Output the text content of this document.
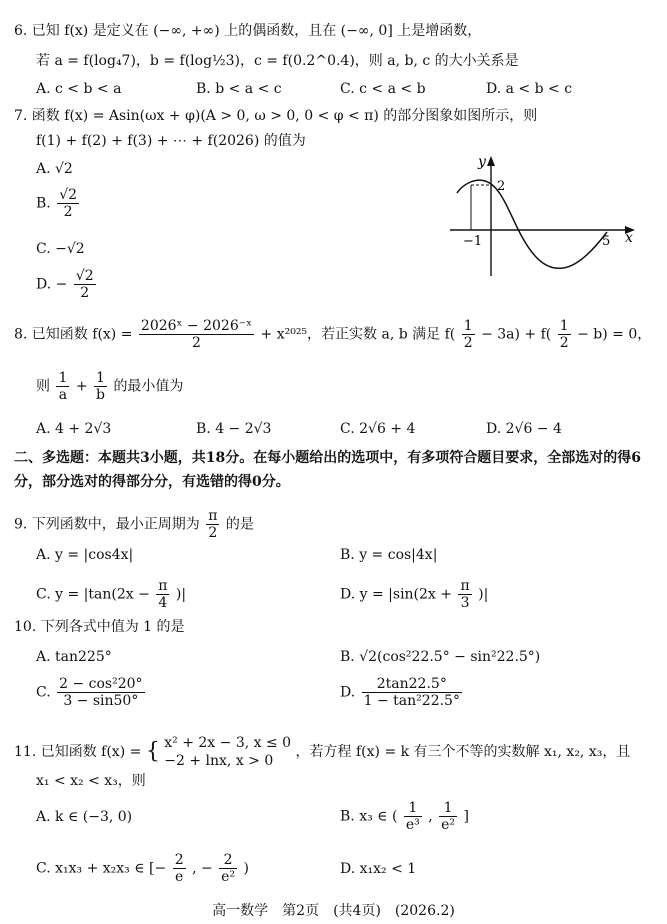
6. 已知 f(x) 是定义在 (−∞, +∞) 上的偶函数，且在 (−∞, 0] 上是增函数，
若 a = f(log₄7)，b = f(log½3)，c = f(0.2^0.4)，则 a, b, c 的大小关系是
A. c < b < a	B. b < a < c	C. c < a < b	D. a < b < c
7. 函数 f(x) = Asin(ωx + φ)(A > 0, ω > 0, 0 < φ < π) 的部分图象如图所示，则
f(1) + f(2) + f(3) + ⋯ + f(2026) 的值为
A. √2
B. $\frac{√2}{2}$
C. −√2
D. − $\frac{√2}{2}$
y
x
2
−1	5
8. 已知函数 $f(x) = \frac{\text{2026ˣ − 2026⁻ˣ}}{2} + x^{2025}$，若正实数 a, b 满足 $f( \frac{1}{2} - 3a) + f( \frac{1}{2} - b) = 0$，
则 $\frac{1}{a} + \frac{1}{b}$ 的最小值为
A. 4 + 2√3	B. 4 − 2√3	C. 2√6 + 4	D. 2√6 − 4
二、多选题：本题共3小题，共18分。在每小题给出的选项中，有多项符合题目要求，全部选对的得6分，部分选对的得部分分，有选错的得0分。
9. 下列函数中，最小正周期为 $\frac{\pi}{2}$ 的是
A. y = |cos4x|	B. y = cos|4x|
C. $y = |\tan(2x - \frac{\pi}{4}$ )|	D. $y = |\sin(2x + \frac{\pi}{3}$ )|
10. 下列各式中值为 1 的是
A. tan225°	B. √2(cos²22.5° − sin²22.5°)
C. $\frac{\text{2 − cos²20°}}{3 - \sin 50^\circ}$	D. $\frac{2\tan 22.5^\circ}{\text{1 − tan²22.5°}}$
11. 已知函数 f(x) = { x² + 2x − 3, x ≤ 0
−2 + lnx, x > 0
，若方程 f(x) = k 有三个不等的实数解 x₁, x₂, x₃，且
x₁ < x₂ < x₃，则
A. k ∈ (−3, 0)	B. x₃ ∈ ( $\frac{1}{\text{e³}}$ , $\frac{1}{\text{e²}}$ ]
C. x₁x₃ + x₂x₃ ∈ [− $\frac{2}{e}$ , − $\frac{2}{\text{e²}}$ )	D. x₁x₂ < 1
高一数学　第2页　(共4页)　(2026.2)
